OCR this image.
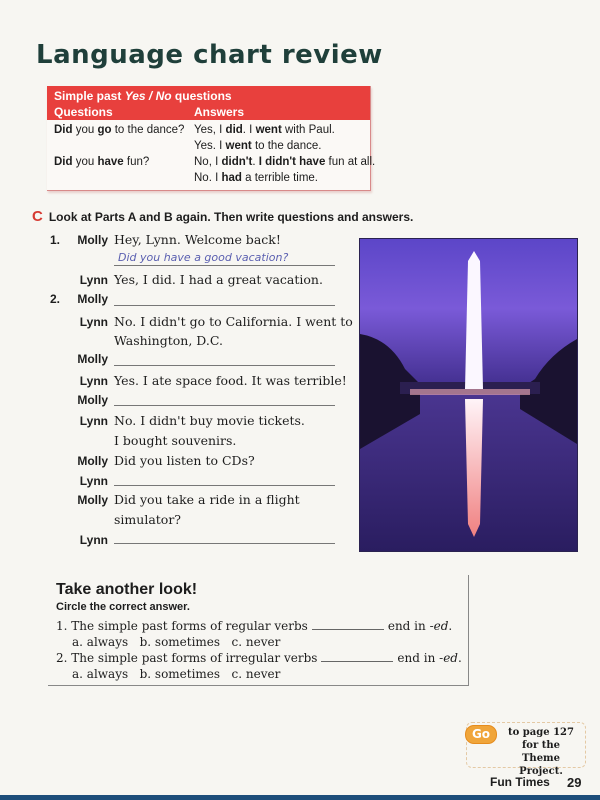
Language chart review
Simple past Yes / No questions
Questions	Answers
Did you go to the dance? Yes, I did. I went with Paul.
Yes. I went to the dance.
Did you have fun?	No, I didn't. I didn't have fun at all.
No. I had a terrible time.
C Look at Parts A and B again. Then write questions and answers.
1.	Molly Hey, Lynn. Welcome back!
Did you have a good vacation?
Lynn Yes, I did. I had a great vacation.
2.	Molly
Lynn No. I didn't go to California. I went to
Washington, D.C.
Molly
Lynn Yes. I ate space food. It was terrible!
Molly
Lynn No. I didn't buy movie tickets.
I bought souvenirs.
Molly Did you listen to CDs?
Lynn
Molly Did you take a ride in a flight
simulator?
Lynn
Take another look!
Circle the correct answer.
1. The simple past forms of regular verbs	end in -ed.
a. always b. sometimes c. never
2. The simple past forms of irregular verbs	end in -ed.
a. always b. sometimes c. never
Go	to page 127
for the
Theme Project.
Fun Times 29
